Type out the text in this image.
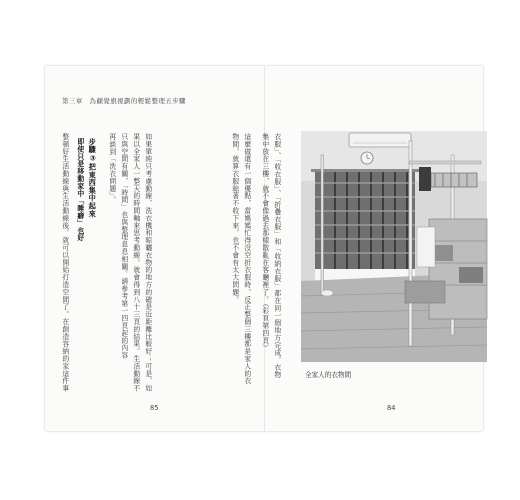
第三章　為顧覺旗視劃的輕鬆整理五步驟
如果單純只考慮動線，洗衣機和晾曬衣物的地方的確是近距離比較好；可是，如
果以全家人一整天的時間軸來思考動線，就會得到八十三頁的結果。生活動線不
只與空間有關，「時間」也與整理息息相關。請參考第一四頁起的內容
再談到「洗衣問題」。
步驟③把東西集中起來
即使只是移動家中「睡癖」也好
整頓好生活動線與生活動線後，就可以開始打造空間了。在創造容納的家這件事
85
衣服」、「收衣服」、「折疊衣服」和「收納衣服」都在同一個地方完成，衣物
集中放在三樓，就不會像過去那樣散亂在客廳裡了。（彩頁第四頁）
這麼做還有一個優點，當媽媽忙得沒空折衣服時，反正整個三樓都是家人的衣
物間，就算衣服晾著不收下來，也不會有太大問題。
全家人的衣物間
84
